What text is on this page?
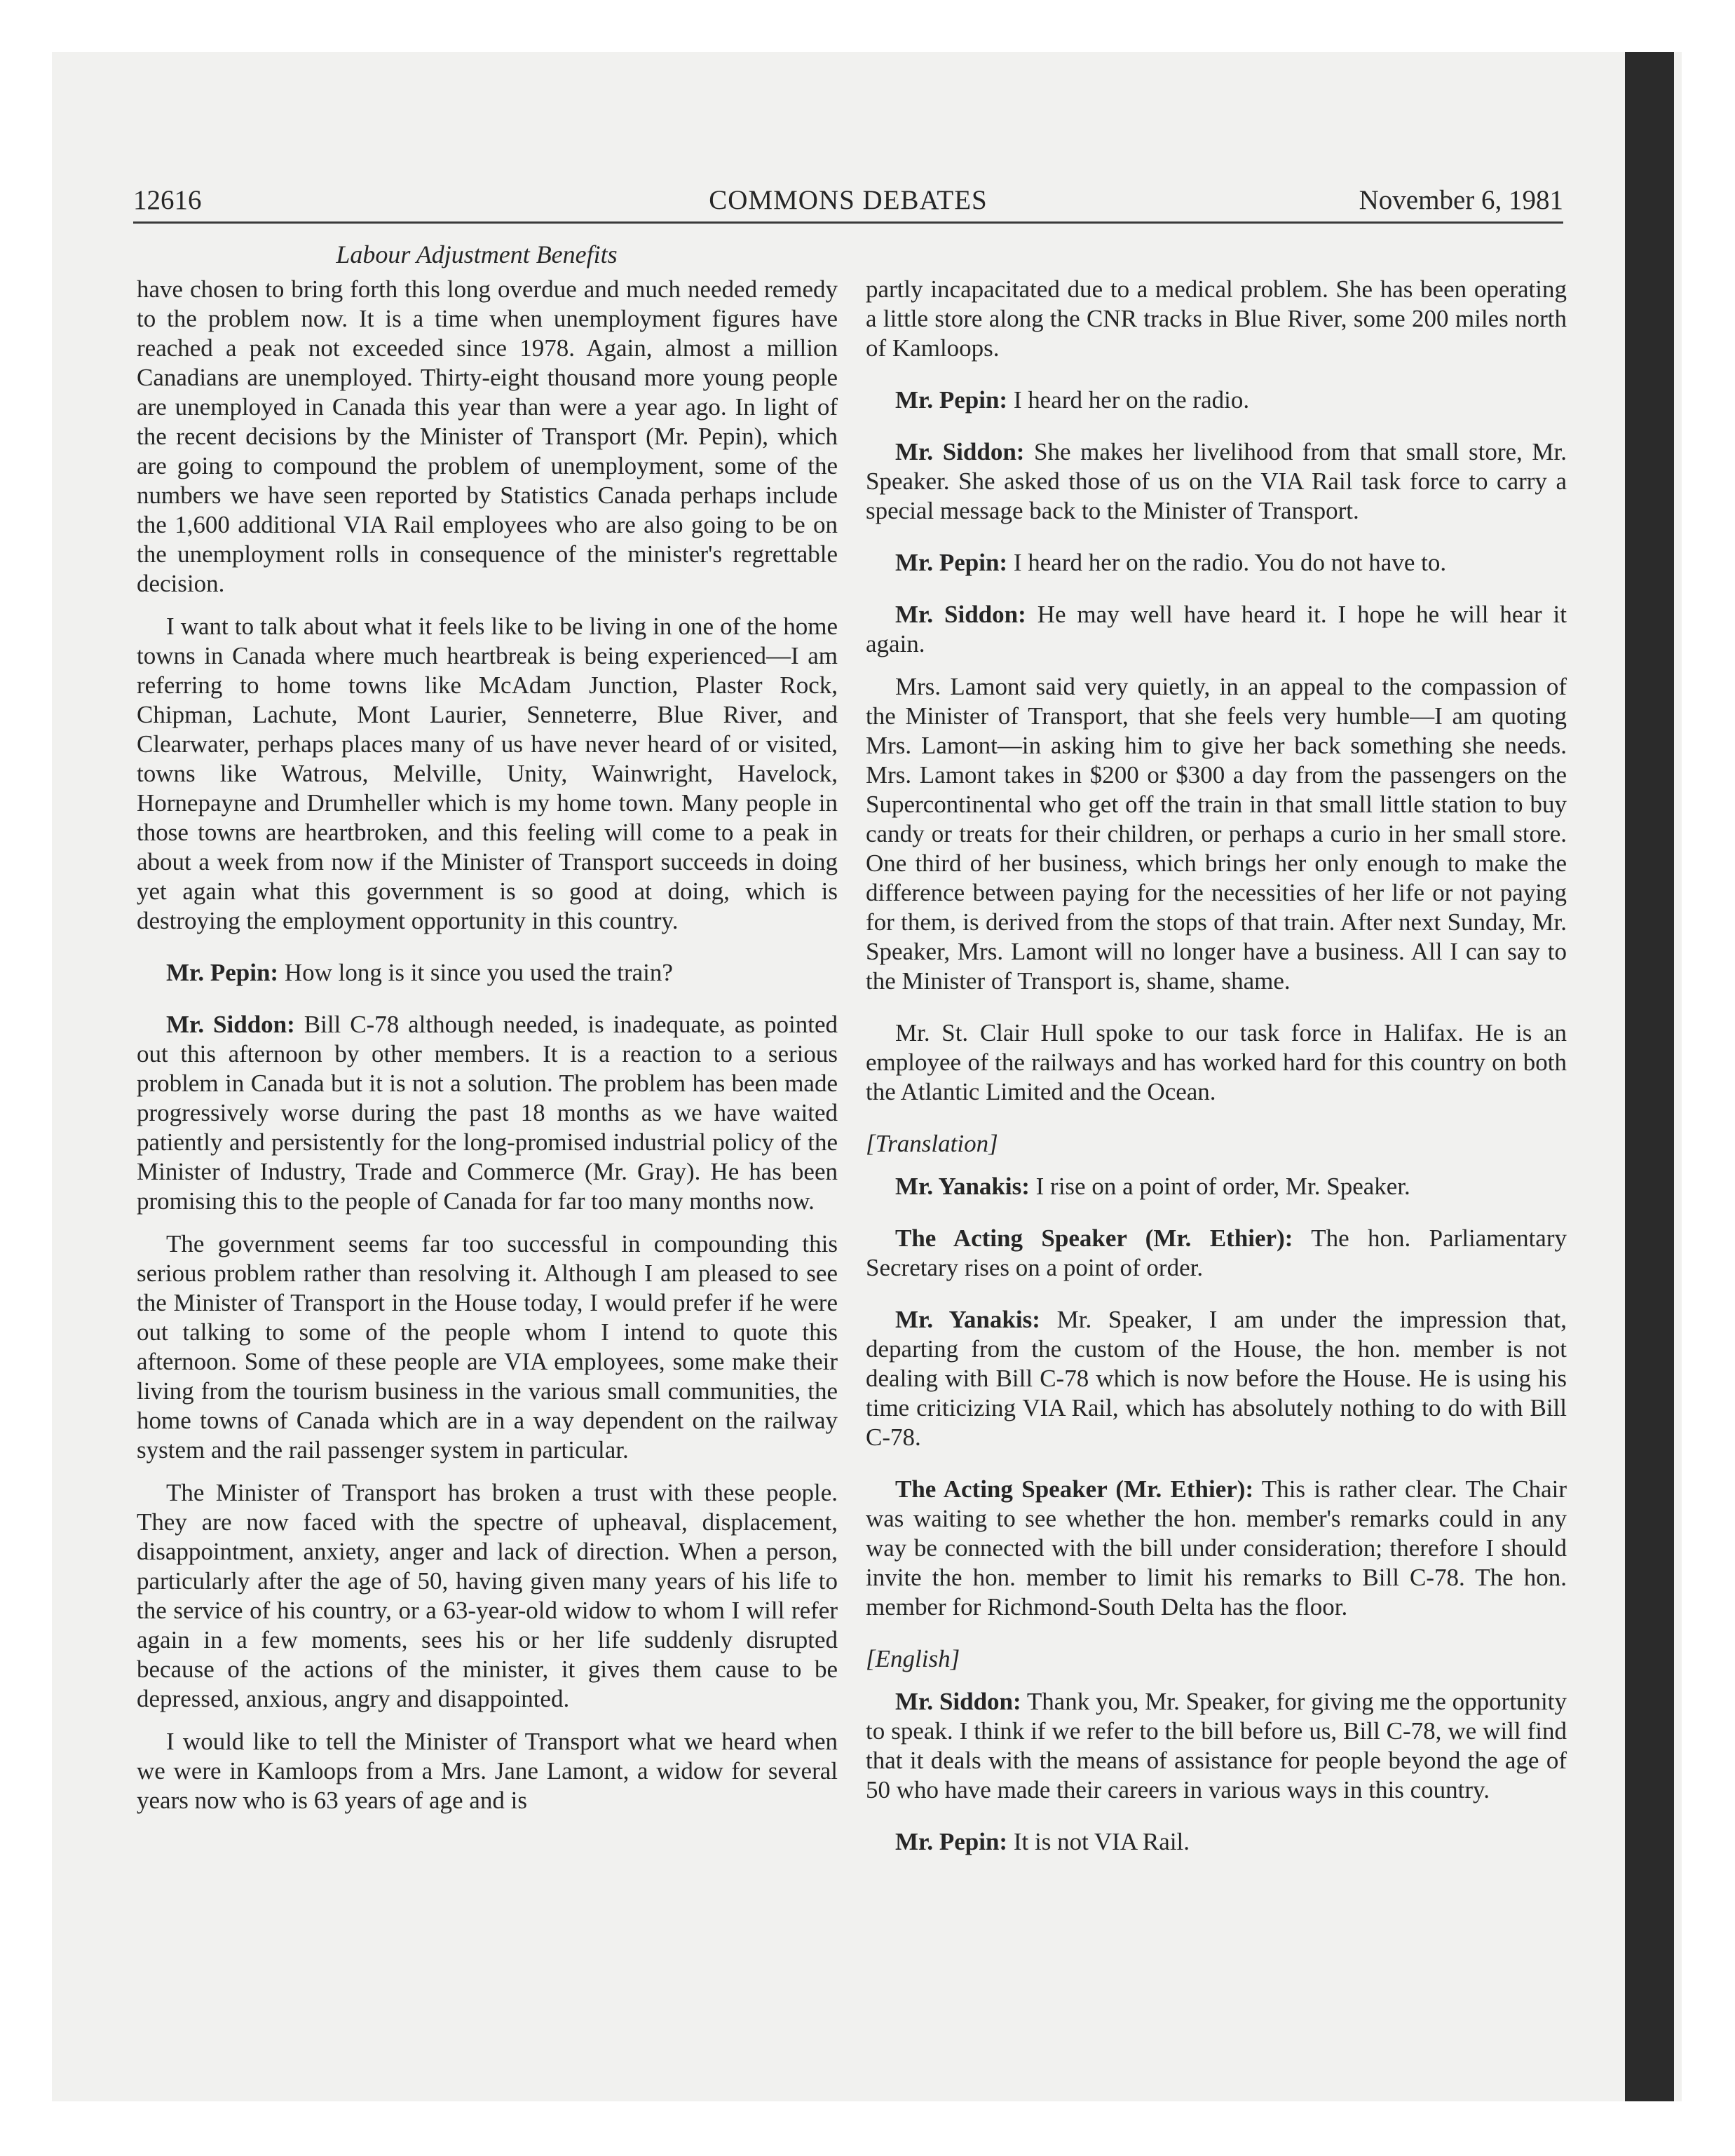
12616	COMMONS DEBATES	November 6, 1981
Labour Adjustment Benefits

have chosen to bring forth this long overdue and much needed remedy to the problem now. It is a time when unemployment figures have reached a peak not exceeded since 1978. Again, almost a million Canadians are unemployed. Thirty-eight thousand more young people are unemployed in Canada this year than were a year ago. In light of the recent decisions by the Minister of Transport (Mr. Pepin), which are going to compound the problem of unemployment, some of the numbers we have seen reported by Statistics Canada perhaps include the 1,600 additional VIA Rail employees who are also going to be on the unemployment rolls in consequence of the minister's regrettable decision.

I want to talk about what it feels like to be living in one of the home towns in Canada where much heartbreak is being experienced—I am referring to home towns like McAdam Junction, Plaster Rock, Chipman, Lachute, Mont Laurier, Senneterre, Blue River, and Clearwater, perhaps places many of us have never heard of or visited, towns like Watrous, Melville, Unity, Wainwright, Havelock, Hornepayne and Drumheller which is my home town. Many people in those towns are heartbroken, and this feeling will come to a peak in about a week from now if the Minister of Transport succeeds in doing yet again what this government is so good at doing, which is destroying the employment opportunity in this country.

Mr. Pepin: How long is it since you used the train?

Mr. Siddon: Bill C-78 although needed, is inadequate, as pointed out this afternoon by other members. It is a reaction to a serious problem in Canada but it is not a solution. The problem has been made progressively worse during the past 18 months as we have waited patiently and persistently for the long-promised industrial policy of the Minister of Industry, Trade and Commerce (Mr. Gray). He has been promising this to the people of Canada for far too many months now.

The government seems far too successful in compounding this serious problem rather than resolving it. Although I am pleased to see the Minister of Transport in the House today, I would prefer if he were out talking to some of the people whom I intend to quote this afternoon. Some of these people are VIA employees, some make their living from the tourism business in the various small communities, the home towns of Canada which are in a way dependent on the railway system and the rail passenger system in particular.

The Minister of Transport has broken a trust with these people. They are now faced with the spectre of upheaval, displacement, disappointment, anxiety, anger and lack of direction. When a person, particularly after the age of 50, having given many years of his life to the service of his country, or a 63-year-old widow to whom I will refer again in a few moments, sees his or her life suddenly disrupted because of the actions of the minister, it gives them cause to be depressed, anxious, angry and disappointed.

I would like to tell the Minister of Transport what we heard when we were in Kamloops from a Mrs. Jane Lamont, a widow for several years now who is 63 years of age and is

partly incapacitated due to a medical problem. She has been operating a little store along the CNR tracks in Blue River, some 200 miles north of Kamloops.

Mr. Pepin: I heard her on the radio.

Mr. Siddon: She makes her livelihood from that small store, Mr. Speaker. She asked those of us on the VIA Rail task force to carry a special message back to the Minister of Transport.

Mr. Pepin: I heard her on the radio. You do not have to.

Mr. Siddon: He may well have heard it. I hope he will hear it again.

Mrs. Lamont said very quietly, in an appeal to the compassion of the Minister of Transport, that she feels very humble—I am quoting Mrs. Lamont—in asking him to give her back something she needs. Mrs. Lamont takes in $200 or $300 a day from the passengers on the Supercontinental who get off the train in that small little station to buy candy or treats for their children, or perhaps a curio in her small store. One third of her business, which brings her only enough to make the difference between paying for the necessities of her life or not paying for them, is derived from the stops of that train. After next Sunday, Mr. Speaker, Mrs. Lamont will no longer have a business. All I can say to the Minister of Transport is, shame, shame.

Mr. St. Clair Hull spoke to our task force in Halifax. He is an employee of the railways and has worked hard for this country on both the Atlantic Limited and the Ocean.

[Translation]

Mr. Yanakis: I rise on a point of order, Mr. Speaker.

The Acting Speaker (Mr. Ethier): The hon. Parliamentary Secretary rises on a point of order.

Mr. Yanakis: Mr. Speaker, I am under the impression that, departing from the custom of the House, the hon. member is not dealing with Bill C-78 which is now before the House. He is using his time criticizing VIA Rail, which has absolutely nothing to do with Bill C-78.

The Acting Speaker (Mr. Ethier): This is rather clear. The Chair was waiting to see whether the hon. member's remarks could in any way be connected with the bill under consideration; therefore I should invite the hon. member to limit his remarks to Bill C-78. The hon. member for Richmond-South Delta has the floor.

[English]

Mr. Siddon: Thank you, Mr. Speaker, for giving me the opportunity to speak. I think if we refer to the bill before us, Bill C-78, we will find that it deals with the means of assistance for people beyond the age of 50 who have made their careers in various ways in this country.

Mr. Pepin: It is not VIA Rail.
